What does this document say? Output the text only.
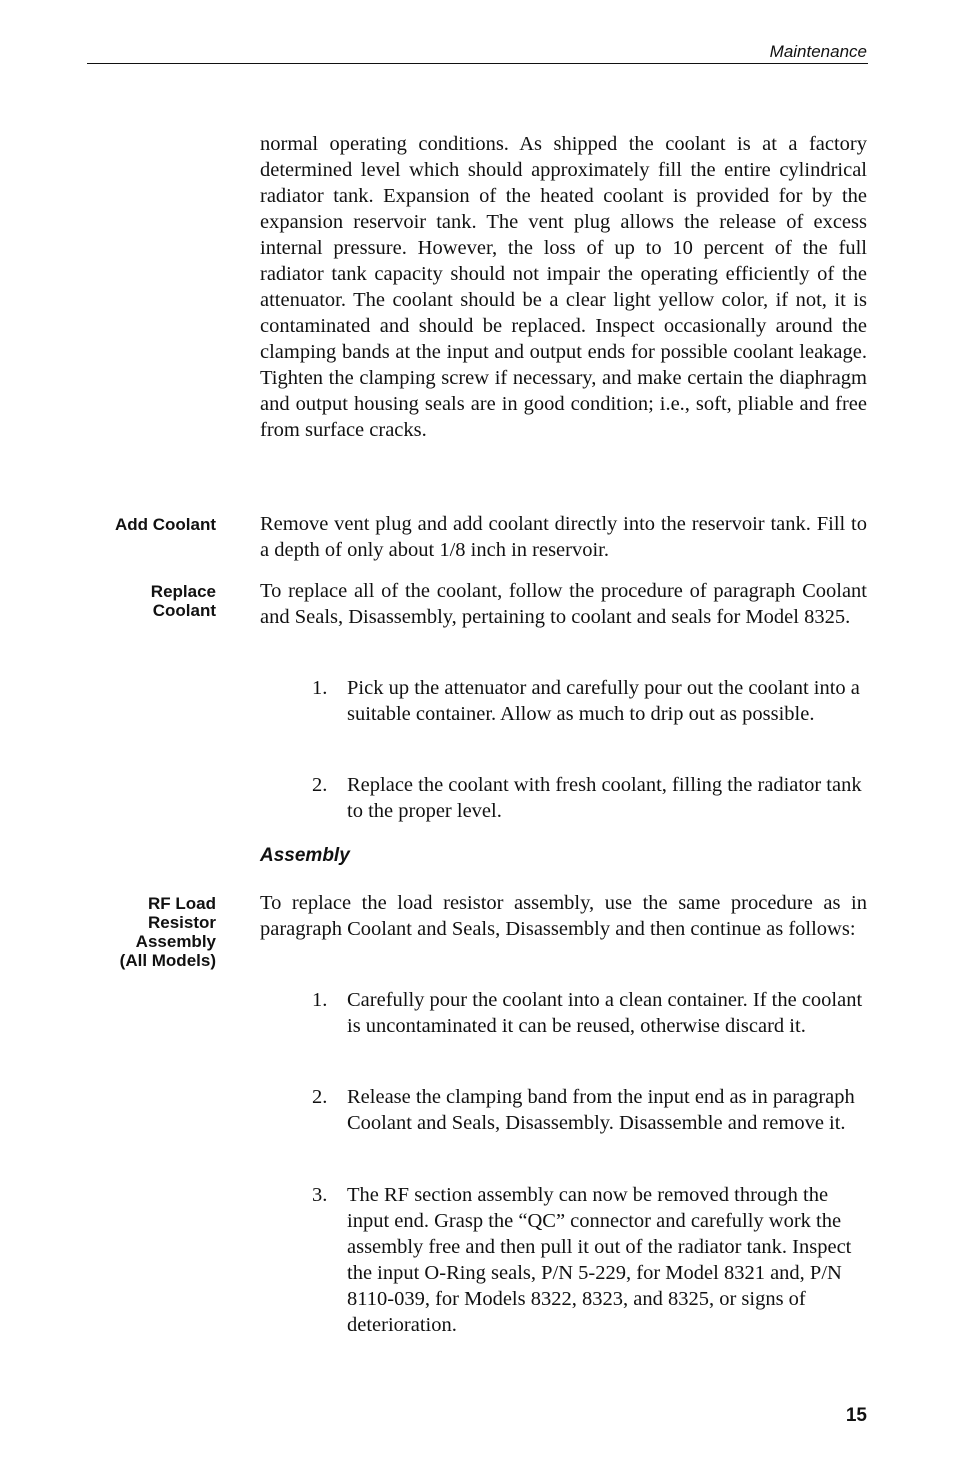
Maintenance

normal operating conditions. As shipped the coolant is at a factory determined level which should approximately fill the entire cylindrical radiator tank. Expansion of the heated coolant is provided for by the expansion reservoir tank. The vent plug allows the release of excess internal pressure. However, the loss of up to 10 percent of the full radiator tank capacity should not impair the operating efficiently of the attenuator. The coolant should be a clear light yellow color, if not, it is contaminated and should be replaced. Inspect occasionally around the clamping bands at the input and output ends for possible coolant leakage. Tighten the clamping screw if necessary, and make certain the diaphragm and output housing seals are in good condition; i.e., soft, pliable and free from surface cracks.

Add Coolant Remove vent plug and add coolant directly into the reservoir tank. Fill to a depth of only about 1/8 inch in reservoir.

Replace
Coolant

To replace all of the coolant, follow the procedure of paragraph Coolant and Seals, Disassembly, pertaining to coolant and seals for Model 8325.

1. Pick up the attenuator and carefully pour out the coolant into a suitable container. Allow as much to drip out as possible.
2. Replace the coolant with fresh coolant, filling the radiator tank to the proper level.
Assembly
RF Load
Resistor
Assembly
(All Models)

To replace the load resistor assembly, use the same procedure as in paragraph Coolant and Seals, Disassembly and then continue as follows:

1. Carefully pour the coolant into a clean container. If the coolant is uncontaminated it can be reused, otherwise discard it.
2. Release the clamping band from the input end as in paragraph Coolant and Seals, Disassembly. Disassemble and remove it.
3. The RF section assembly can now be removed through the input end. Grasp the “QC” connector and carefully work the assembly free and then pull it out of the radiator tank. Inspect the input O-Ring seals, P/N 5-229, for Model 8321 and, P/N 8110-039, for Models 8322, 8323, and 8325, or signs of deterioration.
15
